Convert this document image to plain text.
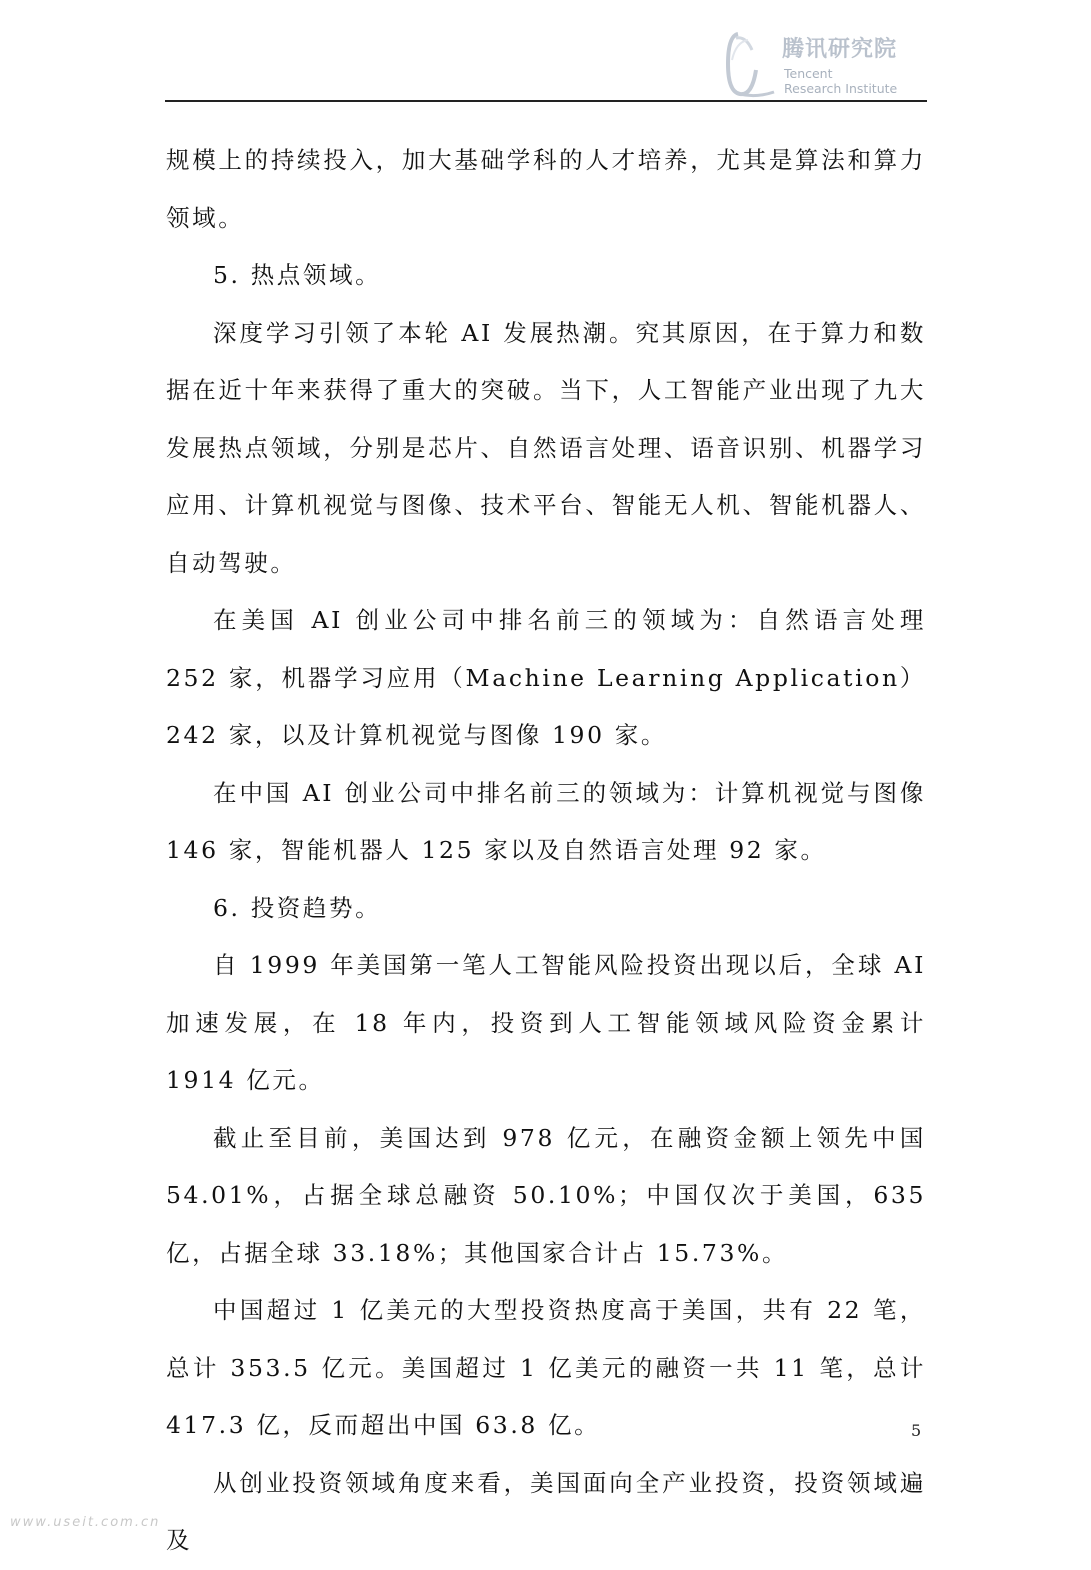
腾讯研究院
Tencent
Research Institute

规模上的持续投入，加大基础学科的人才培养，尤其是算法和算力领域。

5. 热点领域。

深度学习引领了本轮 AI 发展热潮。究其原因，在于算力和数据在近十年来获得了重大的突破。当下，人工智能产业出现了九大发展热点领域，分别是芯片、自然语言处理、语音识别、机器学习应用、计算机视觉与图像、技术平台、智能无人机、智能机器人、自动驾驶。

在美国 AI 创业公司中排名前三的领域为：自然语言处理 252 家，机器学习应用（Machine Learning Application）242 家，以及计算机视觉与图像 190 家。

在中国 AI 创业公司中排名前三的领域为：计算机视觉与图像 146 家，智能机器人 125 家以及自然语言处理 92 家。

6. 投资趋势。

自 1999 年美国第一笔人工智能风险投资出现以后，全球 AI 加速发展，在 18 年内，投资到人工智能领域风险资金累计 1914 亿元。

截止至目前，美国达到 978 亿元，在融资金额上领先中国 54.01%，占据全球总融资 50.10%；中国仅次于美国，635 亿，占据全球 33.18%；其他国家合计占 15.73%。

中国超过 1 亿美元的大型投资热度高于美国，共有 22 笔，总计 353.5 亿元。美国超过 1 亿美元的融资一共 11 笔，总计 417.3 亿，反而超出中国 63.8 亿。

从创业投资领域角度来看，美国面向全产业投资，投资领域遍及

5
www.useit.com.cn
